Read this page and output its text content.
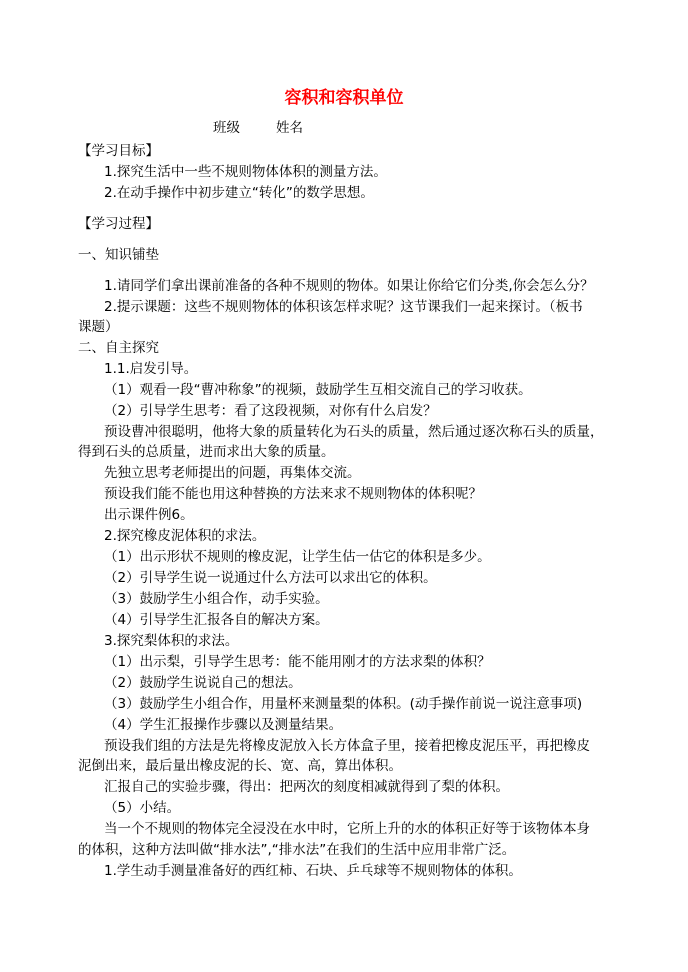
容积和容积单位
班级	姓名
【学习目标】
1.探究生活中一些不规则物体体积的测量方法。
2.在动手操作中初步建立“转化”的数学思想。
【学习过程】
一、知识铺垫
1.请同学们拿出课前准备的各种不规则的物体。如果让你给它们分类,你会怎么分？
2.提示课题：这些不规则物体的体积该怎样求呢？这节课我们一起来探讨。（板书
课题）
二、自主探究
1.1.启发引导。
（1）观看一段“曹冲称象”的视频，鼓励学生互相交流自己的学习收获。
（2）引导学生思考：看了这段视频，对你有什么启发？
预设曹冲很聪明，他将大象的质量转化为石头的质量，然后通过逐次称石头的质量，
得到石头的总质量，进而求出大象的质量。
先独立思考老师提出的问题，再集体交流。
预设我们能不能也用这种替换的方法来求不规则物体的体积呢？
出示课件例6。
2.探究橡皮泥体积的求法。
（1）出示形状不规则的橡皮泥，让学生估一估它的体积是多少。
（2）引导学生说一说通过什么方法可以求出它的体积。
（3）鼓励学生小组合作，动手实验。
（4）引导学生汇报各自的解决方案。
3.探究梨体积的求法。
（1）出示梨，引导学生思考：能不能用刚才的方法求梨的体积？
（2）鼓励学生说说自己的想法。
（3）鼓励学生小组合作，用量杯来测量梨的体积。(动手操作前说一说注意事项)
（4）学生汇报操作步骤以及测量结果。
预设我们组的方法是先将橡皮泥放入长方体盒子里，接着把橡皮泥压平，再把橡皮
泥倒出来，最后量出橡皮泥的长、宽、高，算出体积。
汇报自己的实验步骤，得出：把两次的刻度相减就得到了梨的体积。
（5）小结。
当一个不规则的物体完全浸没在水中时，它所上升的水的体积正好等于该物体本身
的体积，这种方法叫做“排水法”,“排水法”在我们的生活中应用非常广泛。
1.学生动手测量准备好的西红柿、石块、乒乓球等不规则物体的体积。
